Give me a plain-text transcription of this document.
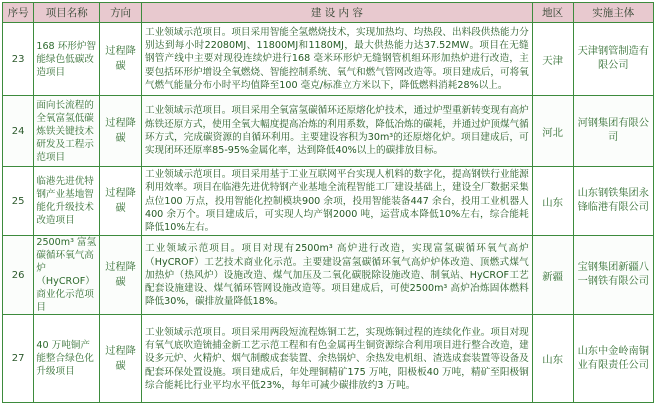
序号	项目名称	方向	建 设 内 容	地区	实施主体
23	168 环形炉智能绿色低碳改造项目	过程降碳	工业领域示范项目。项目采用智能全氢燃烧技术，实现加热均、均热段、出料段供热能力分别达到每小时22080MJ、11800MJ和1180MJ，最大供热能力达37.52MW。项目在无缝钢管产线中主要对现役连续炉进行168 毫米环形炉无缝钢管机组环形加热炉进行改造，主要包括环形炉增设全氧燃烧、智能控制系统、氧气和燃气管网改造等。项目建成后，可将氧气燃气能量分布小时平均值降至100 毫克/标准立方米以下，降低燃料消耗28%以上。	天津	天津钢管制造有限公司
24	面向长流程的全氧富氢低碳炼铁关键技术研发及工程示范项目	过程降碳	工业领域示范项目。项目采用全氧富氢碳循环还原熔化炉技术，通过炉型重新转变现有高炉炼铁还原方式，使用全氧大幅度提高冶炼的利用系数，降低冶炼的碳耗，并通过炉顶煤气循环方式，完成碳资源的自循环利用。主要建设容积为30m³的还原熔化炉。项目建成后，可实现闭环还原率85-95%金属化率，达到降低40%以上的碳排放目标。	河北	河钢集团有限公司
25	临港先进优特钢产业基地智能化升级技术改造项目	过程降碳	工业领域示范项目。项目采用基于工业互联网平台实现人机料的数字化，提高钢铁行业能源利用效率。项目在临港先进优特钢产业基地全流程智能工厂建设基础上，建设全厂数据采集点位100 万点，投用智能化控制模块900 余项，投用智能装备447 余台，投用工业机器人400 余万个。项目建成后，可实现人均产钢2000 吨，运营成本降低10%左右，综合能耗降低10%左右。	山东	山东钢铁集团永锋临港有限公司
26	2500m³ 富氢碳循环氧气高炉（HyCROF）商业化示范项目	过程降碳	工业领域示范项目。项目对现有2500m³ 高炉进行改造，实现富氢碳循环氧气高炉（HyCROF）工艺技术商业化示范。主要建设富氢碳循环氧气高炉炉体改造、顶燃式煤气加热炉（热风炉）设施改造、煤气加压及二氧化碳脱除设施改造、制氧站、HyCROF工艺配套设施建设、煤气循环管网设施改造等。项目建成后，可使2500m³ 高炉冶炼固体燃料降低30%，碳排放量降低18%。	新疆	宝钢集团新疆八一钢铁有限公司
27	40 万吨铜产能整合绿色化升级项目	过程降碳	工业领域示范项目。项目采用两段短流程炼铜工艺，实现炼铜过程的连续化作业。项目对现有氧气底吹造锍捕金新工艺示范工程和有色金属再生铜资源综合利用项目进行整合改造，建设多元炉、火精炉、烟气制酸成套装置、余热锅炉、余热发电机组、渣选成套装置等设备及配套环保处置设施。项目建成后，年处理铜精矿175 万吨，阳极板40 万吨，精矿至阳极铜综合能耗比行业平均水平低23%，每年可减少碳排放约3 万吨。	山东	山东中金岭南铜业有限责任公司
